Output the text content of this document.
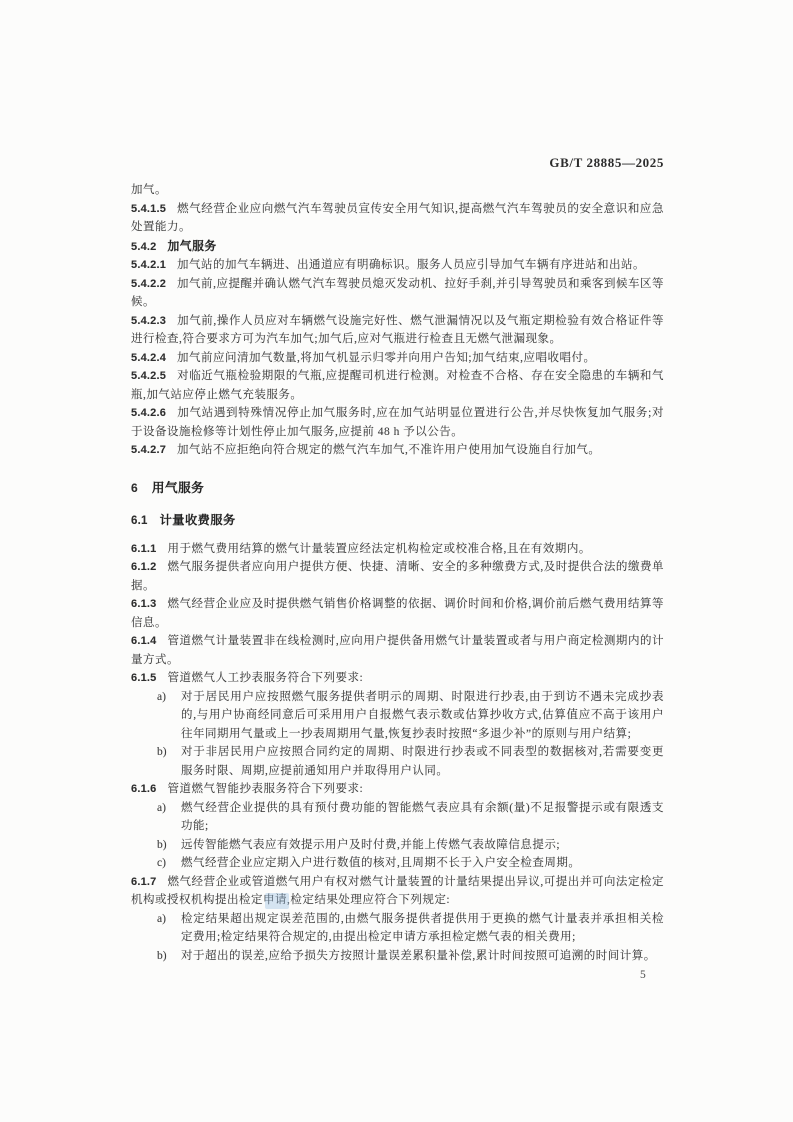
GB/T 28885—2025

加气。

5.4.1.5 燃气经营企业应向燃气汽车驾驶员宣传安全用气知识,提高燃气汽车驾驶员的安全意识和应急处置能力。

5.4.2 加气服务

5.4.2.1 加气站的加气车辆进、出通道应有明确标识。服务人员应引导加气车辆有序进站和出站。

5.4.2.2 加气前,应提醒并确认燃气汽车驾驶员熄灭发动机、拉好手刹,并引导驾驶员和乘客到候车区等候。

5.4.2.3 加气前,操作人员应对车辆燃气设施完好性、燃气泄漏情况以及气瓶定期检验有效合格证件等进行检查,符合要求方可为汽车加气;加气后,应对气瓶进行检查且无燃气泄漏现象。

5.4.2.4 加气前应问清加气数量,将加气机显示归零并向用户告知;加气结束,应唱收唱付。

5.4.2.5 对临近气瓶检验期限的气瓶,应提醒司机进行检测。对检查不合格、存在安全隐患的车辆和气瓶,加气站应停止燃气充装服务。

5.4.2.6 加气站遇到特殊情况停止加气服务时,应在加气站明显位置进行公告,并尽快恢复加气服务;对于设备设施检修等计划性停止加气服务,应提前 48 h 予以公告。

5.4.2.7 加气站不应拒绝向符合规定的燃气汽车加气,不准许用户使用加气设施自行加气。

6 用气服务
6.1 计量收费服务

6.1.1 用于燃气费用结算的燃气计量装置应经法定机构检定或校准合格,且在有效期内。

6.1.2 燃气服务提供者应向用户提供方便、快捷、清晰、安全的多种缴费方式,及时提供合法的缴费单据。

6.1.3 燃气经营企业应及时提供燃气销售价格调整的依据、调价时间和价格,调价前后燃气费用结算等信息。

6.1.4 管道燃气计量装置非在线检测时,应向用户提供备用燃气计量装置或者与用户商定检测期内的计量方式。

6.1.5 管道燃气人工抄表服务符合下列要求:

a)	对于居民用户应按照燃气服务提供者明示的周期、时限进行抄表,由于到访不遇未完成抄表的,与用户协商经同意后可采用用户自报燃气表示数或估算抄收方式,估算值应不高于该用户往年同期用气量或上一抄表周期用气量,恢复抄表时按照“多退少补”的原则与用户结算;
b)	对于非居民用户应按照合同约定的周期、时限进行抄表或不同表型的数据核对,若需要变更服务时限、周期,应提前通知用户并取得用户认同。

6.1.6 管道燃气智能抄表服务符合下列要求:

a)	燃气经营企业提供的具有预付费功能的智能燃气表应具有余额(量)不足报警提示或有限透支功能;
b)	远传智能燃气表应有效提示用户及时付费,并能上传燃气表故障信息提示;
c)	燃气经营企业应定期入户进行数值的核对,且周期不长于入户安全检查周期。

6.1.7 燃气经营企业或管道燃气用户有权对燃气计量装置的计量结果提出异议,可提出并可向法定检定机构或授权机构提出检定申请,检定结果处理应符合下列规定:

a)	检定结果超出规定误差范围的,由燃气服务提供者提供用于更换的燃气计量表并承担相关检定费用;检定结果符合规定的,由提出检定申请方承担检定燃气表的相关费用;
b)	对于超出的误差,应给予损失方按照计量误差累积量补偿,累计时间按照可追溯的时间计算。
5
